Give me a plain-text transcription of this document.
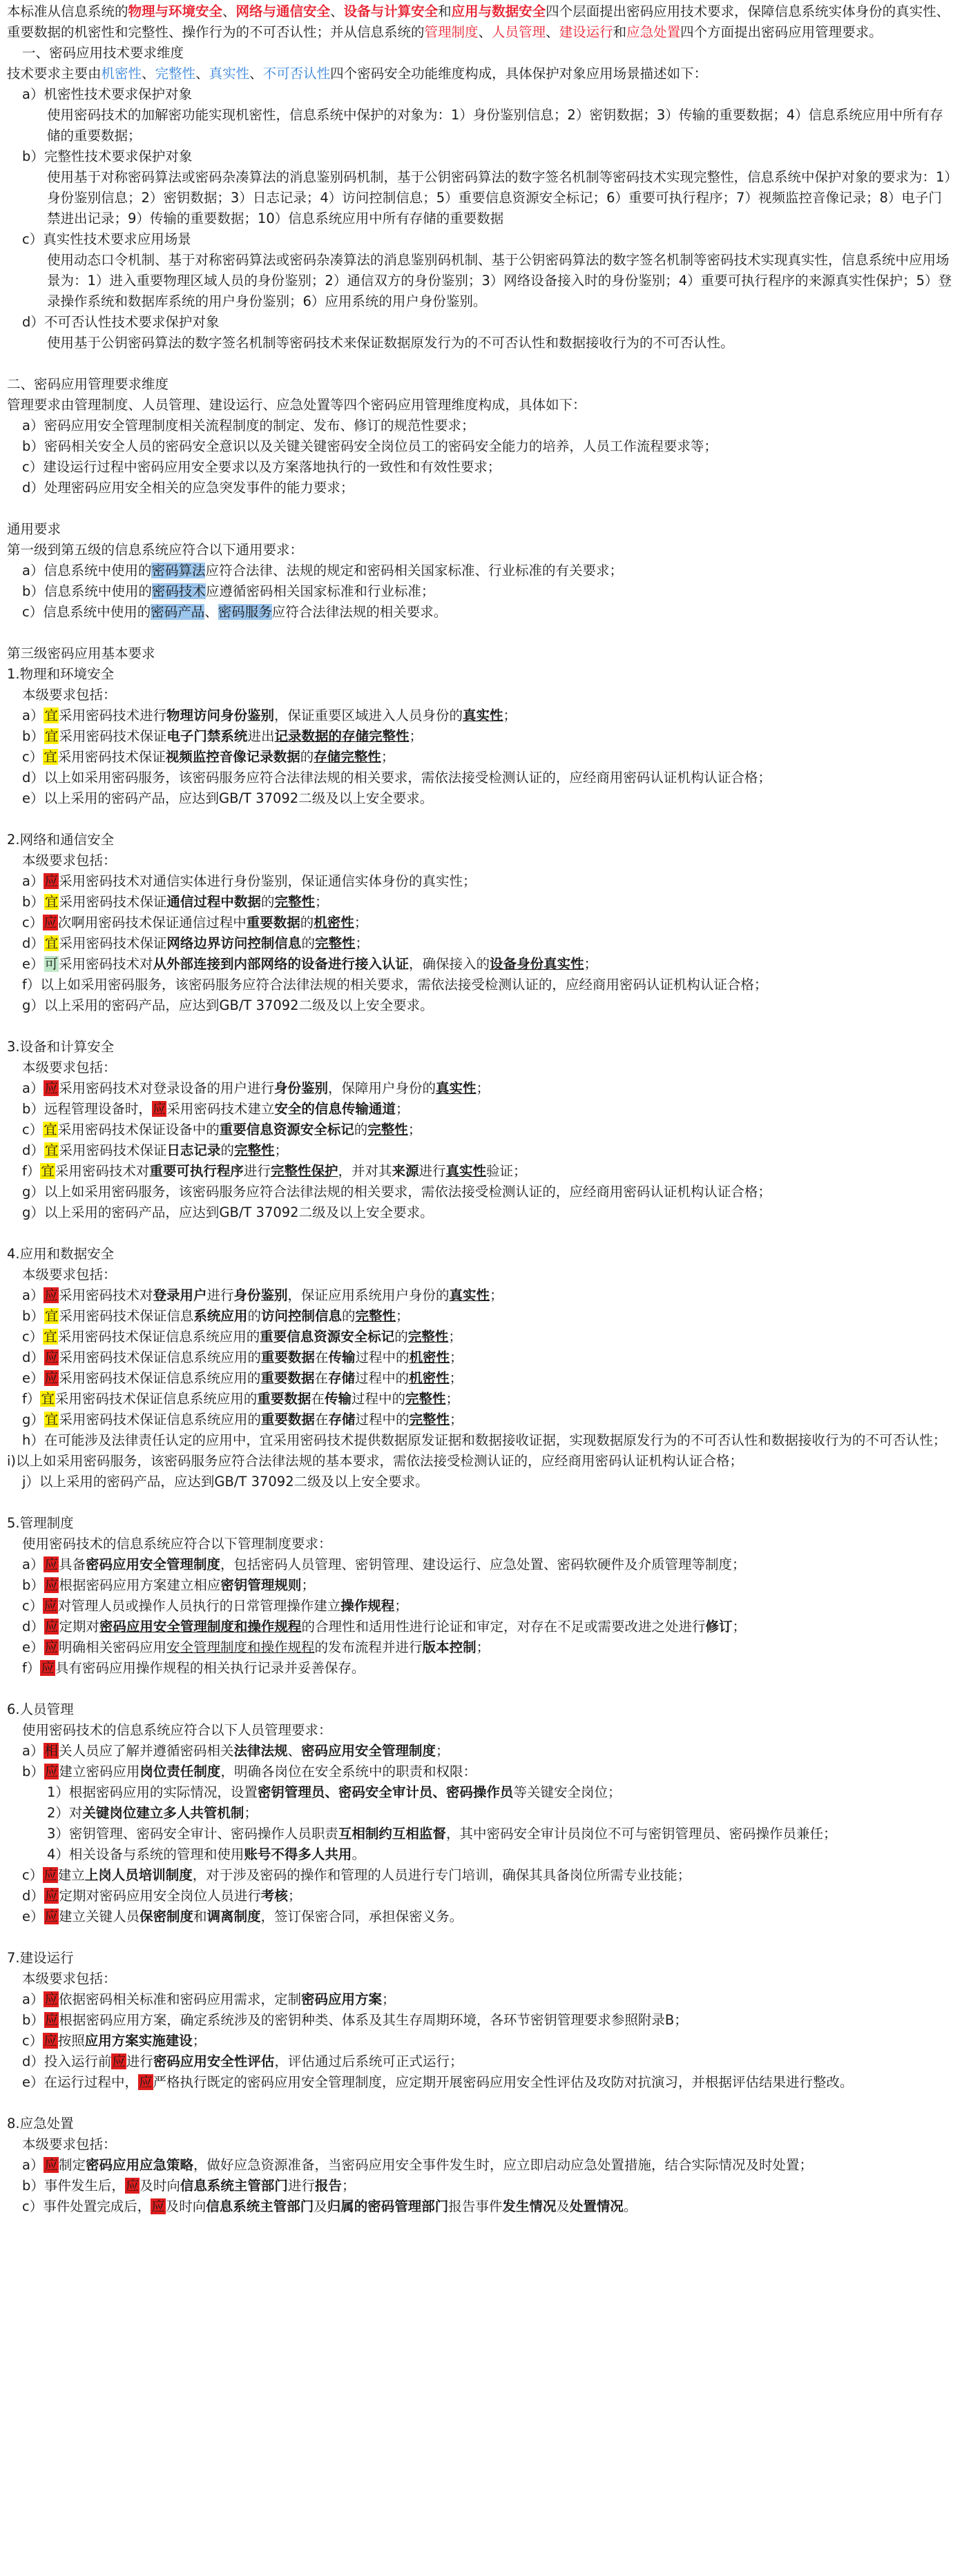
本标准从信息系统的物理与环境安全、网络与通信安全、设备与计算安全和应用与数据安全四个层面提出密码应用技术要求，保障信息系统实体身份的真实性、重要数据的机密性和完整性、操作行为的不可否认性；并从信息系统的管理制度、人员管理、建设运行和应急处置四个方面提出密码应用管理要求。

一、密码应用技术要求维度

技术要求主要由机密性、完整性、真实性、不可否认性四个密码安全功能维度构成，具体保护对象应用场景描述如下：

a）机密性技术要求保护对象

使用密码技术的加解密功能实现机密性，信息系统中保护的对象为：1）身份鉴别信息；2）密钥数据；3）传输的重要数据；4）信息系统应用中所有存储的重要数据；

b）完整性技术要求保护对象

使用基于对称密码算法或密码杂凑算法的消息鉴别码机制，基于公钥密码算法的数字签名机制等密码技术实现完整性，信息系统中保护对象的要求为：1）身份鉴别信息；2）密钥数据；3）日志记录；4）访问控制信息；5）重要信息资源安全标记；6）重要可执行程序；7）视频监控音像记录；8）电子门禁进出记录；9）传输的重要数据；10）信息系统应用中所有存储的重要数据

c）真实性技术要求应用场景

使用动态口令机制、基于对称密码算法或密码杂凑算法的消息鉴别码机制、基于公钥密码算法的数字签名机制等密码技术实现真实性，信息系统中应用场景为：1）进入重要物理区域人员的身份鉴别；2）通信双方的身份鉴别；3）网络设备接入时的身份鉴别；4）重要可执行程序的来源真实性保护；5）登录操作系统和数据库系统的用户身份鉴别；6）应用系统的用户身份鉴别。

d）不可否认性技术要求保护对象

使用基于公钥密码算法的数字签名机制等密码技术来保证数据原发行为的不可否认性和数据接收行为的不可否认性。

二、密码应用管理要求维度

管理要求由管理制度、人员管理、建设运行、应急处置等四个密码应用管理维度构成，具体如下：

a）密码应用安全管理制度相关流程制度的制定、发布、修订的规范性要求；

b）密码相关安全人员的密码安全意识以及关键关键密码安全岗位员工的密码安全能力的培养，人员工作流程要求等；

c）建设运行过程中密码应用安全要求以及方案落地执行的一致性和有效性要求；

d）处理密码应用安全相关的应急突发事件的能力要求；

通用要求

第一级到第五级的信息系统应符合以下通用要求：

a）信息系统中使用的密码算法应符合法律、法规的规定和密码相关国家标准、行业标准的有关要求；

b）信息系统中使用的密码技术应遵循密码相关国家标准和行业标准；

c）信息系统中使用的密码产品、密码服务应符合法律法规的相关要求。

第三级密码应用基本要求

1.物理和环境安全

本级要求包括：

a）宜采用密码技术进行物理访问身份鉴别，保证重要区域进入人员身份的真实性；

b）宜采用密码技术保证电子门禁系统进出记录数据的存储完整性；

c）宜采用密码技术保证视频监控音像记录数据的存储完整性；

d）以上如采用密码服务，该密码服务应符合法律法规的相关要求，需依法接受检测认证的，应经商用密码认证机构认证合格；

e）以上采用的密码产品，应达到GB/T 37092二级及以上安全要求。

2.网络和通信安全

本级要求包括：

a）应采用密码技术对通信实体进行身份鉴别，保证通信实体身份的真实性；

b）宜采用密码技术保证通信过程中数据的完整性；

c）应次啊用密码技术保证通信过程中重要数据的机密性；

d）宜采用密码技术保证网络边界访问控制信息的完整性；

e）可采用密码技术对从外部连接到内部网络的设备进行接入认证，确保接入的设备身份真实性；

f）以上如采用密码服务，该密码服务应符合法律法规的相关要求，需依法接受检测认证的，应经商用密码认证机构认证合格；

g）以上采用的密码产品，应达到GB/T 37092二级及以上安全要求。

3.设备和计算安全

本级要求包括：

a）应采用密码技术对登录设备的用户进行身份鉴别，保障用户身份的真实性；

b）远程管理设备时，应采用密码技术建立安全的信息传输通道；

c）宜采用密码技术保证设备中的重要信息资源安全标记的完整性；

d）宜采用密码技术保证日志记录的完整性；

f）宜采用密码技术对重要可执行程序进行完整性保护，并对其来源进行真实性验证；

g）以上如采用密码服务，该密码服务应符合法律法规的相关要求，需依法接受检测认证的，应经商用密码认证机构认证合格；

g）以上采用的密码产品，应达到GB/T 37092二级及以上安全要求。

4.应用和数据安全

本级要求包括：

a）应采用密码技术对登录用户进行身份鉴别，保证应用系统用户身份的真实性；

b）宜采用密码技术保证信息系统应用的访问控制信息的完整性；

c）宜采用密码技术保证信息系统应用的重要信息资源安全标记的完整性；

d）应采用密码技术保证信息系统应用的重要数据在传输过程中的机密性；

e）应采用密码技术保证信息系统应用的重要数据在存储过程中的机密性；

f）宜采用密码技术保证信息系统应用的重要数据在传输过程中的完整性；

g）宜采用密码技术保证信息系统应用的重要数据在存储过程中的完整性；

h）在可能涉及法律责任认定的应用中，宜采用密码技术提供数据原发证据和数据接收证据，实现数据原发行为的不可否认性和数据接收行为的不可否认性；

i)以上如采用密码服务，该密码服务应符合法律法规的基本要求，需依法接受检测认证的，应经商用密码认证机构认证合格；

j）以上采用的密码产品，应达到GB/T 37092二级及以上安全要求。

5.管理制度

使用密码技术的信息系统应符合以下管理制度要求：

a）应具备密码应用安全管理制度，包括密码人员管理、密钥管理、建设运行、应急处置、密码软硬件及介质管理等制度；

b）应根据密码应用方案建立相应密钥管理规则；

c）应对管理人员或操作人员执行的日常管理操作建立操作规程；

d）应定期对密码应用安全管理制度和操作规程的合理性和适用性进行论证和审定，对存在不足或需要改进之处进行修订；

e）应明确相关密码应用安全管理制度和操作规程的发布流程并进行版本控制；

f）应具有密码应用操作规程的相关执行记录并妥善保存。

6.人员管理

使用密码技术的信息系统应符合以下人员管理要求：

a）相关人员应了解并遵循密码相关法律法规、密码应用安全管理制度；

b）应建立密码应用岗位责任制度，明确各岗位在安全系统中的职责和权限：

1）根据密码应用的实际情况，设置密钥管理员、密码安全审计员、密码操作员等关键安全岗位；

2）对关键岗位建立多人共管机制；

3）密钥管理、密码安全审计、密码操作人员职责互相制约互相监督，其中密码安全审计员岗位不可与密钥管理员、密码操作员兼任；

4）相关设备与系统的管理和使用账号不得多人共用。

c）应建立上岗人员培训制度，对于涉及密码的操作和管理的人员进行专门培训，确保其具备岗位所需专业技能；

d）应定期对密码应用安全岗位人员进行考核；

e）应建立关键人员保密制度和调离制度，签订保密合同，承担保密义务。

7.建设运行

本级要求包括：

a）应依据密码相关标准和密码应用需求，定制密码应用方案；

b）应根据密码应用方案，确定系统涉及的密钥种类、体系及其生存周期环境，各环节密钥管理要求参照附录B；

c）应按照应用方案实施建设；

d）投入运行前应进行密码应用安全性评估，评估通过后系统可正式运行；

e）在运行过程中，应严格执行既定的密码应用安全管理制度，应定期开展密码应用安全性评估及攻防对抗演习，并根据评估结果进行整改。

8.应急处置

本级要求包括：

a）应制定密码应用应急策略，做好应急资源准备，当密码应用安全事件发生时，应立即启动应急处置措施，结合实际情况及时处置；

b）事件发生后，应及时向信息系统主管部门进行报告；

c）事件处置完成后，应及时向信息系统主管部门及归属的密码管理部门报告事件发生情况及处置情况。
